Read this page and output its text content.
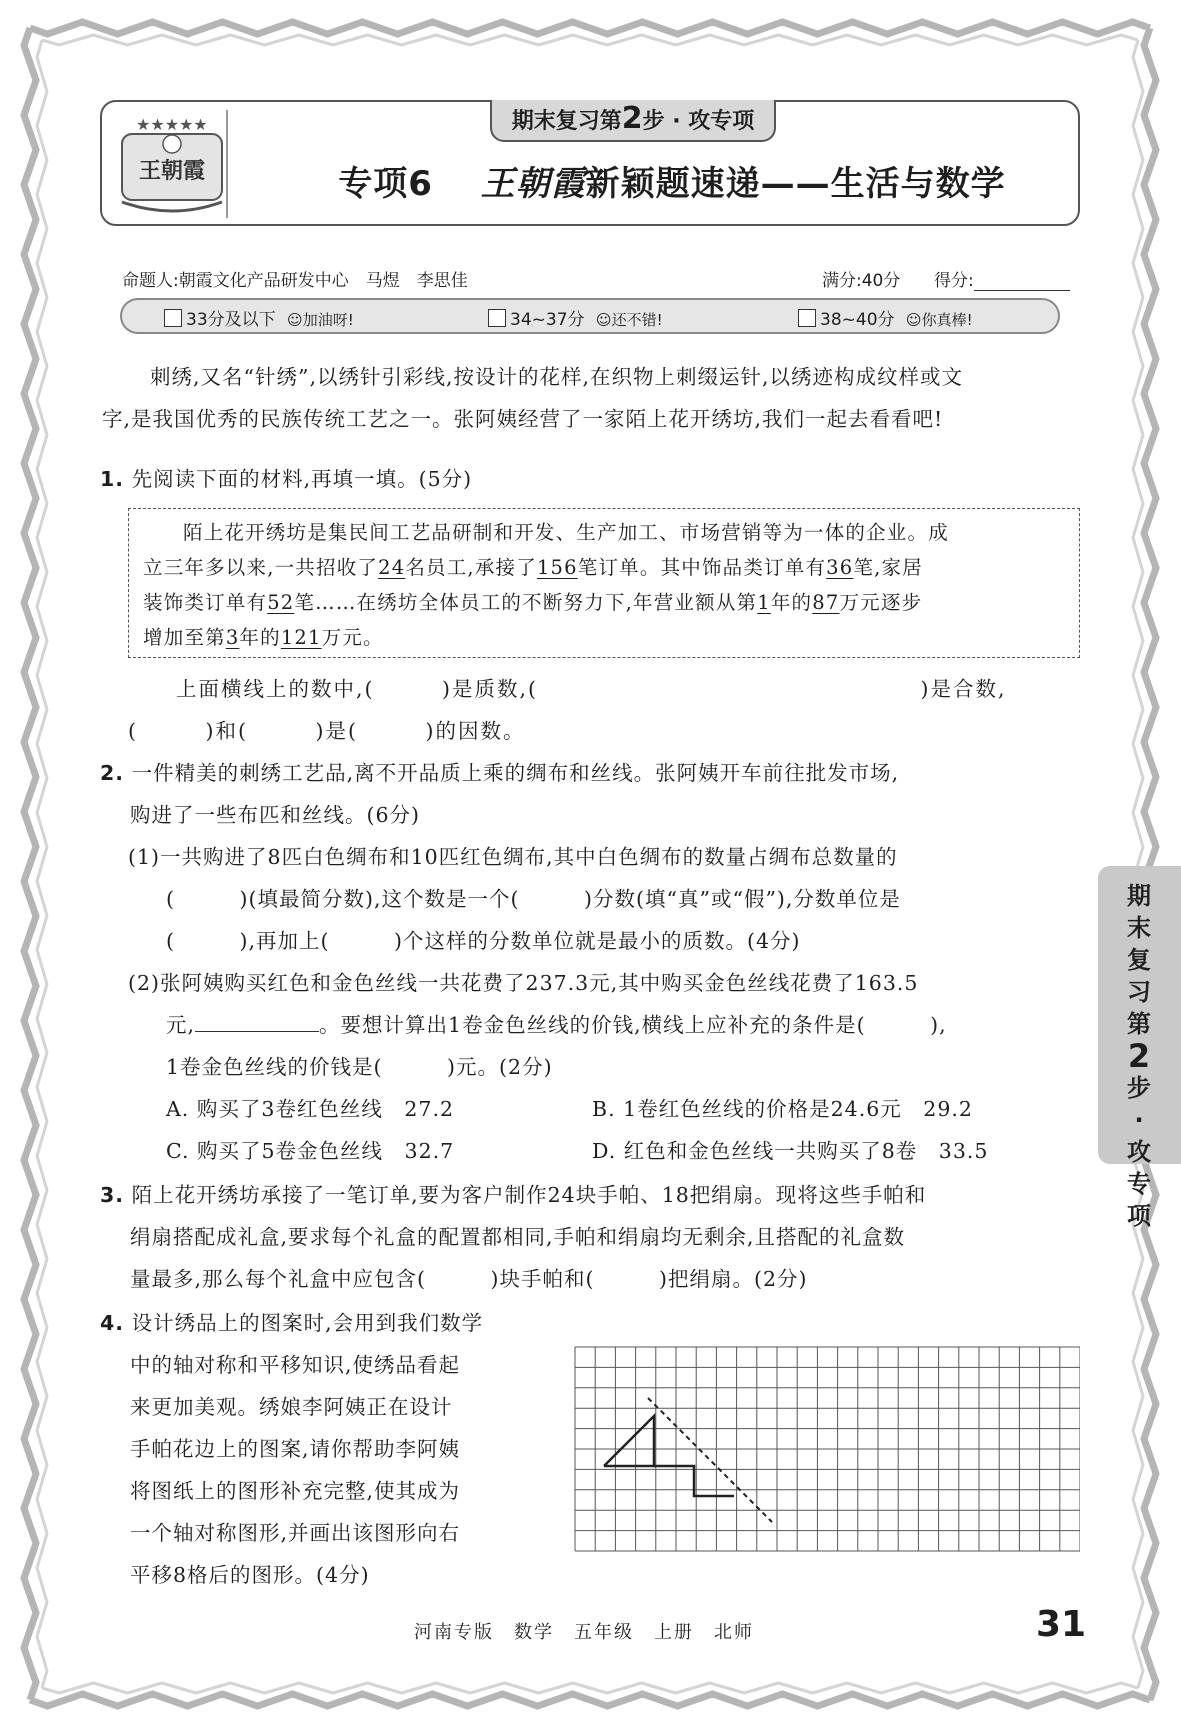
★★★★★
王朝霞
期末复习第2步 · 攻专项
专项6 王朝霞新颖题速递——生活与数学
命题人:朝霞文化产品研发中心　马煜　李思佳	满分:40分 得分:
33分及以下 ☺加油呀!	34~37分 ☺还不错!	38~40分 ☺你真棒!
刺绣,又名“针绣”,以绣针引彩线,按设计的花样,在织物上刺缀运针,以绣迹构成纹样或文
字,是我国优秀的民族传统工艺之一。张阿姨经营了一家陌上花开绣坊,我们一起去看看吧!
1. 先阅读下面的材料,再填一填。(5分)
陌上花开绣坊是集民间工艺品研制和开发、生产加工、市场营销等为一体的企业。成
立三年多以来,一共招收了24名员工,承接了156笔订单。其中饰品类订单有36笔,家居
装饰类订单有52笔……在绣坊全体员工的不断努力下,年营业额从第1年的87万元逐步
增加至第3年的121万元。
上面横线上的数中,(　　　)是质数,(　　　　　　　　　　　　　　　　　)是合数,
(　　　)和(　　　)是(　　　)的因数。
2. 一件精美的刺绣工艺品,离不开品质上乘的绸布和丝线。张阿姨开车前往批发市场,
购进了一些布匹和丝线。(6分)
(1)一共购进了8匹白色绸布和10匹红色绸布,其中白色绸布的数量占绸布总数量的
(　　　)(填最简分数),这个数是一个(　　　)分数(填“真”或“假”),分数单位是
(　　　),再加上(　　　)个这样的分数单位就是最小的质数。(4分)
(2)张阿姨购买红色和金色丝线一共花费了237.3元,其中购买金色丝线花费了163.5
元,	。要想计算出1卷金色丝线的价钱,横线上应补充的条件是(　　　),
1卷金色丝线的价钱是(　　　)元。(2分)
A. 购买了3卷红色丝线　27.2	B. 1卷红色丝线的价格是24.6元　29.2
C. 购买了5卷金色丝线　32.7	D. 红色和金色丝线一共购买了8卷　33.5
3. 陌上花开绣坊承接了一笔订单,要为客户制作24块手帕、18把绢扇。现将这些手帕和
绢扇搭配成礼盒,要求每个礼盒的配置都相同,手帕和绢扇均无剩余,且搭配的礼盒数
量最多,那么每个礼盒中应包含(　　　)块手帕和(　　　)把绢扇。(2分)
4. 设计绣品上的图案时,会用到我们数学
中的轴对称和平移知识,使绣品看起
来更加美观。绣娘李阿姨正在设计
手帕花边上的图案,请你帮助李阿姨
将图纸上的图形补充完整,使其成为
一个轴对称图形,并画出该图形向右
平移8格后的图形。(4分)
期
末
复
习
第
2
步
·
攻
专
项
河南专版　数学　五年级　上册　北师	31
